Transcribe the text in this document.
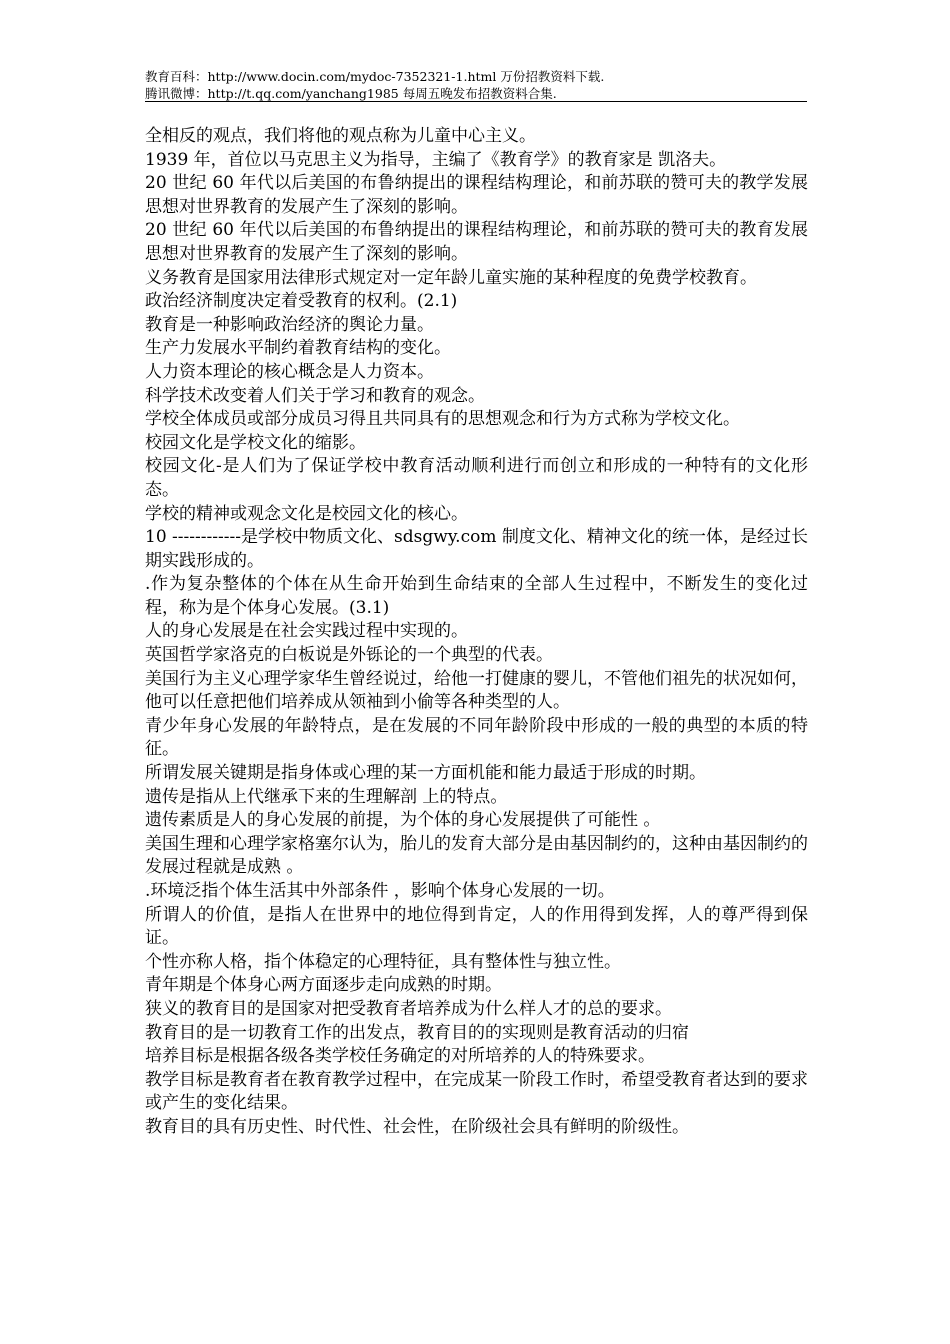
教育百科：http://www.docin.com/mydoc-7352321-1.html 万份招教资料下载.
腾讯微博：http://t.qq.com/yanchang1985 每周五晚发布招教资料合集.

全相反的观点，我们将他的观点称为儿童中心主义。

1939 年，首位以马克思主义为指导，主编了《教育学》的教育家是 凯洛夫。

20 世纪 60 年代以后美国的布鲁纳提出的课程结构理论，和前苏联的赞可夫的教学发展思想对世界教育的发展产生了深刻的影响。

20 世纪 60 年代以后美国的布鲁纳提出的课程结构理论，和前苏联的赞可夫的教育发展思想对世界教育的发展产生了深刻的影响。

义务教育是国家用法律形式规定对一定年龄儿童实施的某种程度的免费学校教育。

政治经济制度决定着受教育的权利。(2.1)

教育是一种影响政治经济的舆论力量。

生产力发展水平制约着教育结构的变化。

人力资本理论的核心概念是人力资本。

科学技术改变着人们关于学习和教育的观念。

学校全体成员或部分成员习得且共同具有的思想观念和行为方式称为学校文化。

校园文化是学校文化的缩影。

校园文化-是人们为了保证学校中教育活动顺利进行而创立和形成的一种特有的文化形态。

学校的精神或观念文化是校园文化的核心。

10 ------------是学校中物质文化、sdsgwy.com 制度文化、精神文化的统一体，是经过长期实践形成的。

.作为复杂整体的个体在从生命开始到生命结束的全部人生过程中，不断发生的变化过程，称为是个体身心发展。(3.1)

人的身心发展是在社会实践过程中实现的。

英国哲学家洛克的白板说是外铄论的一个典型的代表。

美国行为主义心理学家华生曾经说过，给他一打健康的婴儿，不管他们祖先的状况如何，他可以任意把他们培养成从领袖到小偷等各种类型的人。

青少年身心发展的年龄特点，是在发展的不同年龄阶段中形成的一般的典型的本质的特征。

所谓发展关键期是指身体或心理的某一方面机能和能力最适于形成的时期。

遗传是指从上代继承下来的生理解剖 上的特点。

遗传素质是人的身心发展的前提，为个体的身心发展提供了可能性 。

美国生理和心理学家格塞尔认为，胎儿的发育大部分是由基因制约的，这种由基因制约的发展过程就是成熟 。

.环境泛指个体生活其中外部条件 ，影响个体身心发展的一切。

所谓人的价值，是指人在世界中的地位得到肯定，人的作用得到发挥，人的尊严得到保证。

个性亦称人格，指个体稳定的心理特征，具有整体性与独立性。

青年期是个体身心两方面逐步走向成熟的时期。

狭义的教育目的是国家对把受教育者培养成为什么样人才的总的要求。

教育目的是一切教育工作的出发点，教育目的的实现则是教育活动的归宿

培养目标是根据各级各类学校任务确定的对所培养的人的特殊要求。

教学目标是教育者在教育教学过程中，在完成某一阶段工作时，希望受教育者达到的要求或产生的变化结果。

教育目的具有历史性、时代性、社会性，在阶级社会具有鲜明的阶级性。
